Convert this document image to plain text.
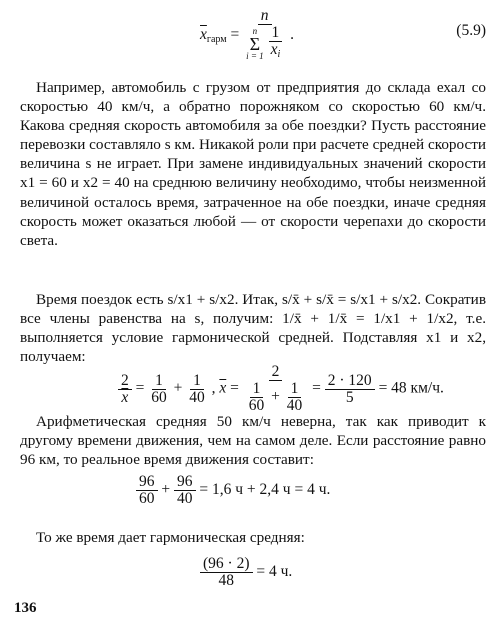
$\overline{x}_{гарм}$ =
n
n
Σ
i = 1
$\frac{1}{x_i}$ .	(5.9)
Например, автомобиль с грузом от предприятия до склада ехал со скоростью 40 км/ч, а обратно порожняком со скоростью 60 км/ч. Какова средняя скорость автомобиля за обе поездки? Пусть расстояние перевозки составляло s км. Никакой роли при расчете средней скорости величина s не играет. При замене индивидуальных значений скорости x1 = 60 и x2 = 40 на среднюю величину необходимо, чтобы неизменной величиной осталось время, затраченное на обе поездки, иначе средняя скорость может оказаться любой — от скорости черепахи до скорости света.
Время поездок есть s/x1 + s/x2. Итак, s/x̄ + s/x̄ = s/x1 + s/x2. Сократив все члены равенства на s, получим: 1/x̄ + 1/x̄ = 1/x1 + 1/x2, т.е. выполняется условие гармонической средней. Подставляя x1 и x2, получаем:
$\frac{2}{x} = \frac{1}{60} + \frac{1}{40}$ , $\overline{x} = \frac{2}{\frac{1}{60} + \frac{1}{40}} = \frac{2 \cdot 120}{5} = 48$ км/ч.
Арифметическая средняя 50 км/ч неверна, так как приводит к другому времени движения, чем на самом деле. Если расстояние равно 96 км, то реальное время движения составит:
$\frac{96}{60} + \frac{96}{40} = 1,6$ ч + 2,4 ч = 4 ч.
То же время дает гармоническая средняя:
$\frac{(96 \cdot 2)}{48} = 4$ ч.
136
